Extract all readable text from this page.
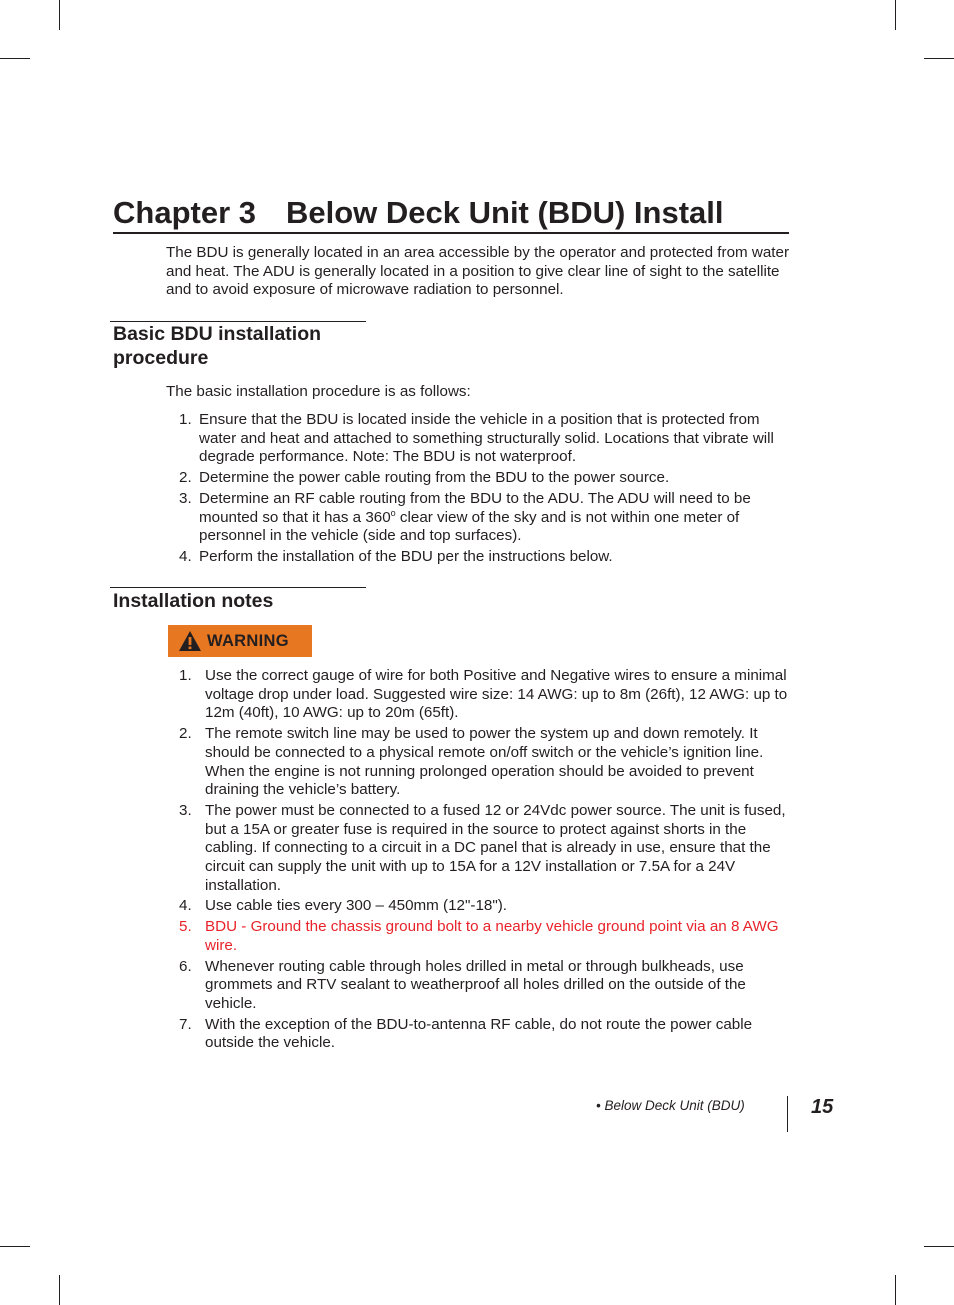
Chapter 3 Below Deck Unit (BDU) Install
The BDU is generally located in an area accessible by the operator and protected from water and heat. The ADU is generally located in a position to give clear line of sight to the satellite and to avoid exposure of microwave radiation to personnel.
Basic BDU installation procedure
The basic installation procedure is as follows:
1. Ensure that the BDU is located inside the vehicle in a position that is protected from water and heat and attached to something structurally solid. Locations that vibrate will degrade performance. Note: The BDU is not waterproof.
2. Determine the power cable routing from the BDU to the power source.
3. Determine an RF cable routing from the BDU to the ADU. The ADU will need to be mounted so that it has a 360$^o$ clear view of the sky and is not within one meter of personnel in the vehicle (side and top surfaces).
4. Perform the installation of the BDU per the instructions below.
Installation notes
WARNING
1. Use the correct gauge of wire for both Positive and Negative wires to ensure a minimal voltage drop under load. Suggested wire size: 14 AWG: up to 8m (26ft), 12 AWG: up to 12m (40ft), 10 AWG: up to 20m (65ft).
2. The remote switch line may be used to power the system up and down remotely. It should be connected to a physical remote on/off switch or the vehicle’s ignition line. When the engine is not running prolonged operation should be avoided to prevent draining the vehicle’s battery.
3. The power must be connected to a fused 12 or 24Vdc power source. The unit is fused, but a 15A or greater fuse is required in the source to protect against shorts in the cabling. If connecting to a circuit in a DC panel that is already in use, ensure that the circuit can supply the unit with up to 15A for a 12V installation or 7.5A for a 24V installation.
4. Use cable ties every 300 – 450mm (12"-18").
5. BDU - Ground the chassis ground bolt to a nearby vehicle ground point via an 8 AWG wire.
6. Whenever routing cable through holes drilled in metal or through bulkheads, use grommets and RTV sealant to weatherproof all holes drilled on the outside of the vehicle.
7. With the exception of the BDU-to-antenna RF cable, do not route the power cable outside the vehicle.
• Below Deck Unit (BDU)	15
